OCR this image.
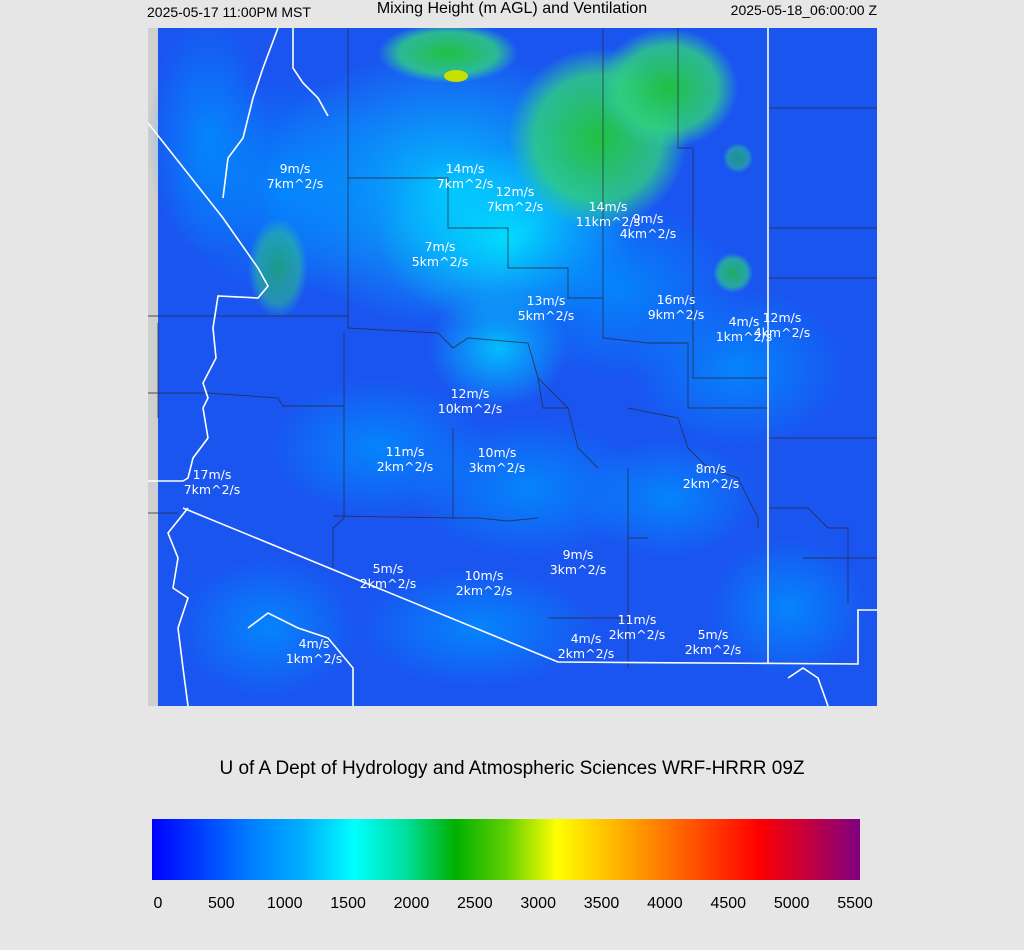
2025-05-17 11:00PM MST	Mixing Height (m AGL) and Ventilation	2025-05-18_06:00:00 Z
9m/s
7km^2/s
14m/s
7km^2/s
12m/s
7km^2/s	14m/s
11km^2/s
9m/s
4km^2/s
7m/s
5km^2/s
13m/s
5km^2/s
16m/s
9km^2/s 4m/s
1km^2/s
12m/s
4km^2/s
12m/s
10km^2/s
11m/s
2km^2/s
10m/s
3km^2/s	8m/s
2km^2/s
17m/s
7km^2/s
5m/s
2km^2/s
10m/s
2km^2/s
9m/s
3km^2/s
11m/s
2km^2/s
4m/s
2km^2/s
5m/s
2km^2/s
4m/s
1km^2/s
U of A Dept of Hydrology and Atmospheric Sciences WRF-HRRR 09Z
0	500 1000 1500 2000 2500 3000 3500 4000 4500 5000 5500
